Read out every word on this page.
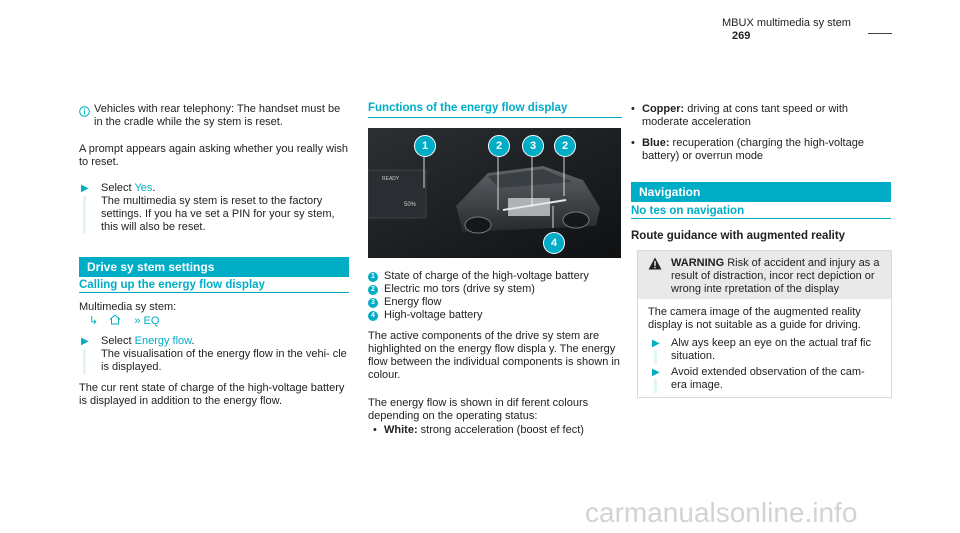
MBUX multimedia sy stem 269
Vehicles with rear telephony: The handset must be in the cradle while the sy stem is reset.
A prompt appears again asking whether you really wish to reset.
▶ Select Yes.
The multimedia sy stem is reset to the factory settings. If you ha ve set a PIN for your sy stem, this will also be reset.
Drive sy stem settings
Calling up the energy flow display
Multimedia sy stem:
↳	» EQ
▶ Select Energy flow.
The visualisation of the energy flow in the vehi- cle is displayed.
The cur rent state of charge of the high-voltage battery is displayed in addition to the energy flow.
Functions of the energy flow display
READY
50%
1	2	3	2
4
1 State of charge of the high-voltage battery
2 Electric mo tors (drive sy stem)
3 Energy flow
4 High-voltage battery
The active components of the drive sy stem are highlighted on the energy flow displa y. The energy flow between the individual components is shown in colour.
The energy flow is shown in dif ferent colours depending on the operating status:
• White: strong acceleration (boost ef fect)
• Copper: driving at cons tant speed or with moderate acceleration
• Blue: recuperation (charging the high-voltage battery) or overrun mode
Navigation
No tes on navigation
Route guidance with augmented reality
WARNING Risk of accident and injury as a result of distraction, incor rect depiction or wrong inte rpretation of the display
The camera image of the augmented reality display is not suitable as a guide for driving.
▶ Alw ays keep an eye on the actual traf fic situation.
▶ Avoid extended observation of the cam- era image.
carmanualsonline.info
